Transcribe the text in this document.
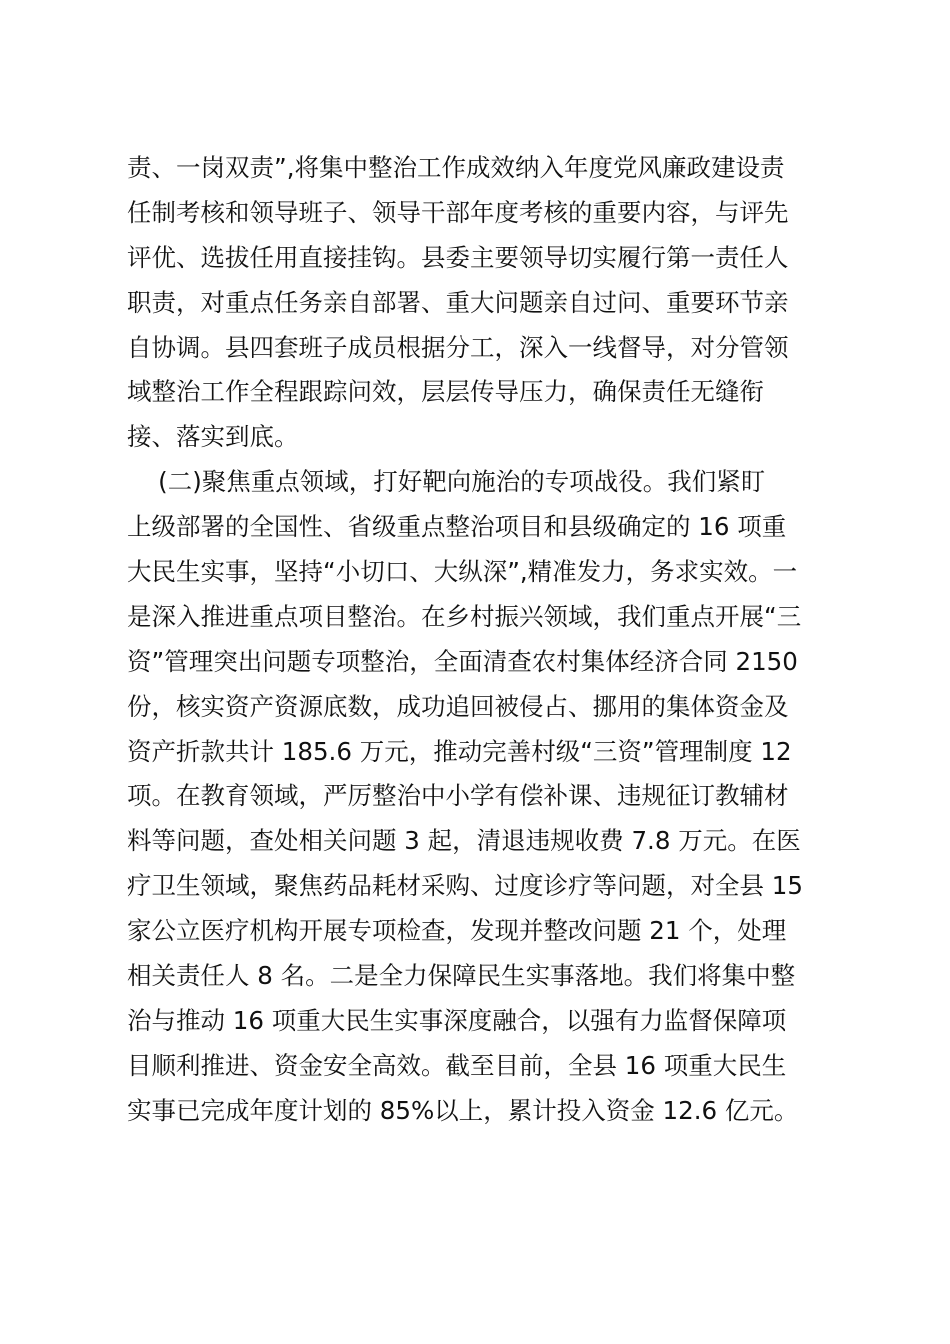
责、一岗双责”,将集中整治工作成效纳入年度党风廉政建设责
任制考核和领导班子、领导干部年度考核的重要内容，与评先
评优、选拔任用直接挂钩。县委主要领导切实履行第一责任人
职责，对重点任务亲自部署、重大问题亲自过问、重要环节亲
自协调。县四套班子成员根据分工，深入一线督导，对分管领
域整治工作全程跟踪问效，层层传导压力，确保责任无缝衔
接、落实到底。
(二)聚焦重点领域，打好靶向施治的专项战役。我们紧盯
上级部署的全国性、省级重点整治项目和县级确定的 16 项重
大民生实事，坚持“小切口、大纵深”,精准发力，务求实效。一
是深入推进重点项目整治。在乡村振兴领域，我们重点开展“三
资”管理突出问题专项整治，全面清查农村集体经济合同 2150
份，核实资产资源底数，成功追回被侵占、挪用的集体资金及
资产折款共计 185.6 万元，推动完善村级“三资”管理制度 12
项。在教育领域，严厉整治中小学有偿补课、违规征订教辅材
料等问题，查处相关问题 3 起，清退违规收费 7.8 万元。在医
疗卫生领域，聚焦药品耗材采购、过度诊疗等问题，对全县 15
家公立医疗机构开展专项检查，发现并整改问题 21 个，处理
相关责任人 8 名。二是全力保障民生实事落地。我们将集中整
治与推动 16 项重大民生实事深度融合，以强有力监督保障项
目顺利推进、资金安全高效。截至目前，全县 16 项重大民生
实事已完成年度计划的 85%以上，累计投入资金 12.6 亿元。
